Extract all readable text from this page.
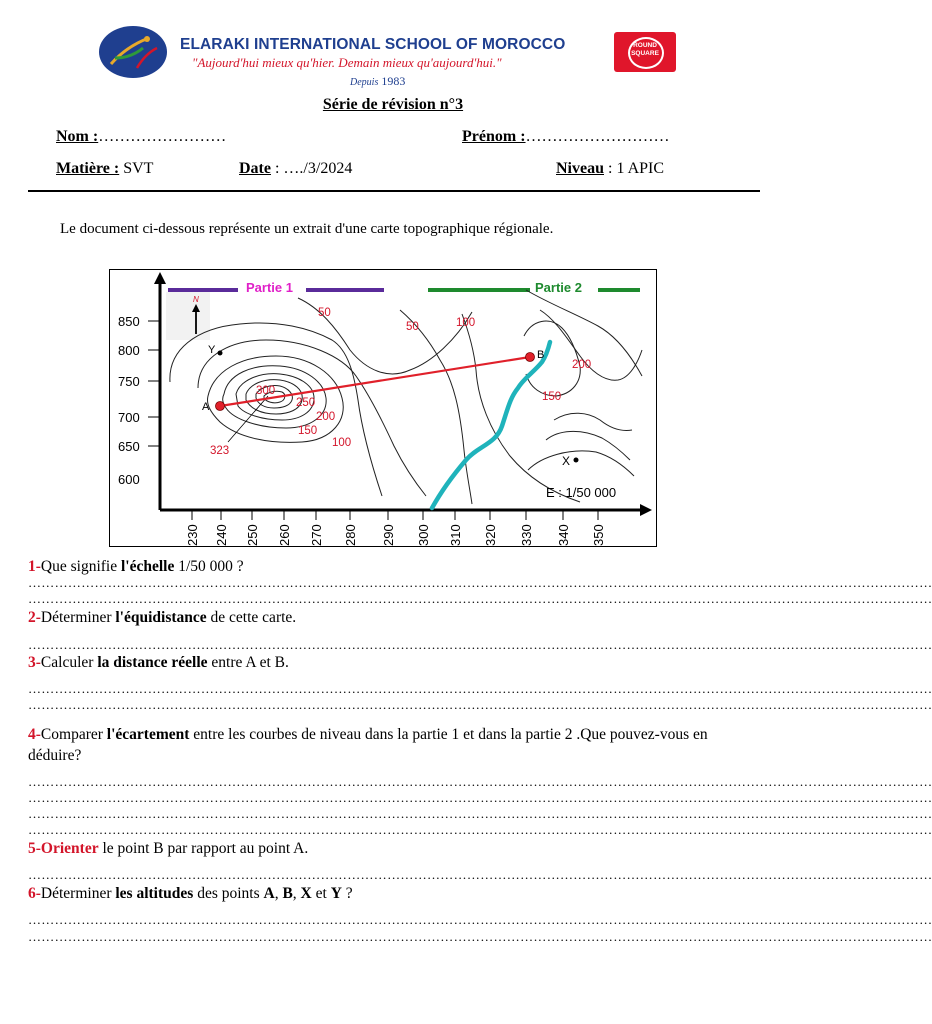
ELARAKI INTERNATIONAL SCHOOL OF MOROCCO
"Aujourd'hui mieux qu'hier. Demain mieux qu'aujourd'hui."
Depuis 1983
ROUND
SQUARE
Série de révision n°3
Nom :……………………	Prénom :………………………
Matière : SVT	Date : …./3/2024	Niveau : 1 APIC
Le document ci-dessous représente un extrait d'une carte topographique régionale.
850
800
750
700
650
600
230 240 250 260 270 280 290 300 310 320 330 340 350
Partie 1	Partie 2
N
50
50	100
200
150
300
250
200
150
100
323
A
B
X
Y
E : 1/50 000
1-Que signifie l'échelle 1/50 000 ?
……………………………………………………………………………………………………………………………………………………………………………………
……………………………………………………………………………………………………………………………………………………………………………………
2-Déterminer l'équidistance de cette carte.
……………………………………………………………………………………………………………………………………………………………………………………
3-Calculer la distance réelle entre A et B.
……………………………………………………………………………………………………………………………………………………………………………………
……………………………………………………………………………………………………………………………………………………………………………………
4-Comparer l'écartement entre les courbes de niveau dans la partie 1 et dans la partie 2 .Que pouvez-vous en déduire?
……………………………………………………………………………………………………………………………………………………………………………………
……………………………………………………………………………………………………………………………………………………………………………………
……………………………………………………………………………………………………………………………………………………………………………………
……………………………………………………………………………………………………………………………………………………………………………………
5-Orienter le point B par rapport au point A.
……………………………………………………………………………………………………………………………………………………………………………………
6-Déterminer les altitudes des points A, B, X et Y ?
……………………………………………………………………………………………………………………………………………………………………………………
……………………………………………………………………………………………………………………………………………………………………………………
